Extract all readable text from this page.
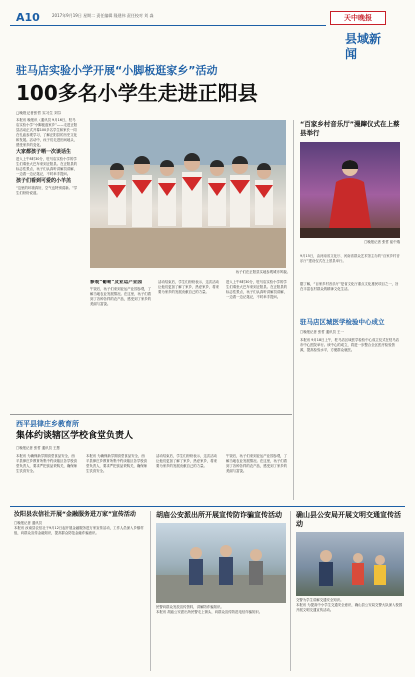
A10	2017年9月19日 星期二 责任编辑 隆建伟 责任校对 刘 淼	天中晚报
县域新闻
驻马店实验小学开展“小脚板逛家乡”活动
100多名小学生走进正阳县
□晚报记者张哲 实习生 刘芬
本报讯 晚报讯（通讯员 9月16日，驻马店实验小学“小脚板逛家乡”——走进正阳县活动正式开幕100多名学生和家长一同在孔庙参观学习，了解正阳县的历史文化和发展。活动中，孩子们走进田间地头，感受家乡的变化。
大家都孩子晒一次谈话生
进入上午8时30分，驻马店实验小学的学生们乘坐大巴车来到正阳县。在正阳县的标志性景点，孩子们认真听讲解员讲解，一边看一边记笔记，不时举手提问。
孩子们看到可爱的小羊羔
“这里的环境真好，空气也特别清新。”学生们纷纷说道。
孩子们在正阳县实地参观城市风貌。
参观“葡萄”及亚运产业园
午饭后，孩子们来到亚运产业园参观，了解当地农业发展情况。在这里，孩子们看到了各种各样的农产品，感受到了家乡的美丽与富饶。
活动结束后，学生们纷纷表示，这次活动让他们更加了解了家乡，热爱家乡，将来要为家乡的发展贡献自己的力量。
进入上午8时30分，驻马店实验小学的学生们乘坐大巴车来到正阳县。在正阳县的标志性景点，孩子们认真听讲解员讲解，一边看一边记笔记，不时举手提问。
“百家乡村音乐厅”漫蹿仪式在上蔡县举行
□晚报记者 张哲 崔中瑞
9月15日，由河南省文化厅、河南省群众艺术馆主办的“百家乡村音乐厅”建设仪式在上蔡县举行。
据了解，“百家乡村音乐厅”是省文化厅重点文化惠民项目之一，旨在丰富农村群众的精神文化生活。
驻马店区城医学检验中心成立
□晚报记者 张哲 通讯员 王一
本报讯 9月18日上午，驻马店区域医学检验中心成立仪式在驻马店市中心医院举行。该中心的成立，将进一步整合全区医疗检验资源，提高检验水平，方便群众就医。
西平县律庄乡教育所
集体约谈辖区学校食堂负责人
□晚报记者 张哲 通讯员 王慧
本报讯 为确保新学期食堂食品安全，西平县律庄乡教育所集中约谈辖区各学校食堂负责人，要求严把食品采购关，确保师生饮食安全。
本报讯 为确保新学期食堂食品安全，西平县律庄乡教育所集中约谈辖区各学校食堂负责人，要求严把食品采购关，确保师生饮食安全。
活动结束后，学生们纷纷表示，这次活动让他们更加了解了家乡，热爱家乡，将来要为家乡的发展贡献自己的力量。
午饭后，孩子们来到亚运产业园参观，了解当地农业发展情况。在这里，孩子们看到了各种各样的农产品，感受到了家乡的美丽与富饶。
汝阳县农信社开展“金融服务进万家”宣传活动
□晚报记者 通讯员
本报讯 汝南县农信社于9月12日起开展金融服务进万家宣传活动，工作人员深入乡镇村组，向群众宣传金融知识，提高群众防范金融诈骗意识。
胡庙公安派出所开展宣传防诈骗宣传活动
民警向群众发放宣传资料，讲解防诈骗知识。
本报讯 胡庙公安派出所民警走上街头，向群众宣传防范电信诈骗知识。
确山县公安局开展文明交通宣传活动
交警为学生讲解交通安全知识。
本报讯 为提高中小学生交通安全意识，确山县公安局交警大队深入校园开展文明交通宣传活动。
